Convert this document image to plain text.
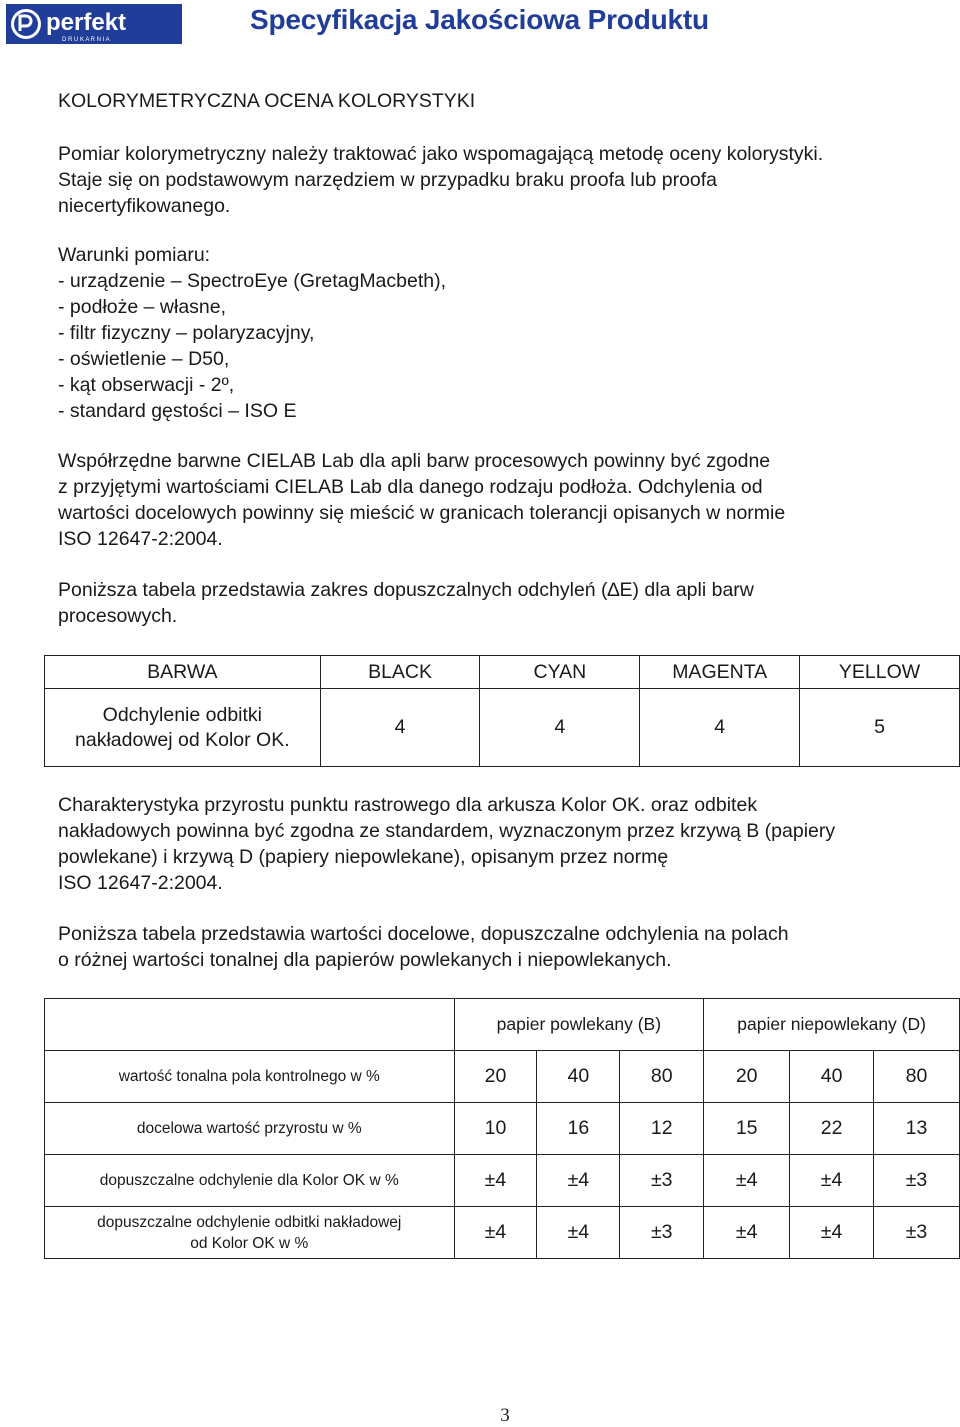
perfekt
D R U K A R N I A
Specyfikacja Jakościowa Produktu
KOLORYMETRYCZNA OCENA KOLORYSTYKI
Pomiar kolorymetryczny należy traktować jako wspomagającą metodę oceny kolorystyki.
Staje się on podstawowym narzędziem w przypadku braku proofa lub proofa
niecertyfikowanego.
Warunki pomiaru:
- urządzenie – SpectroEye (GretagMacbeth),
- podłoże – własne,
- filtr fizyczny – polaryzacyjny,
- oświetlenie – D50,
- kąt obserwacji - 2º,
- standard gęstości – ISO E
Współrzędne barwne CIELAB Lab dla apli barw procesowych powinny być zgodne
z przyjętymi wartościami CIELAB Lab dla danego rodzaju podłoża. Odchylenia od
wartości docelowych powinny się mieścić w granicach tolerancji opisanych w normie
ISO 12647-2:2004.
Poniższa tabela przedstawia zakres dopuszczalnych odchyleń (∆E) dla apli barw
procesowych.
BARWA	BLACK	CYAN	MAGENTA	YELLOW

Odchylenie odbitki
nakładowej od Kolor OK.	4	4	4	5
Charakterystyka przyrostu punktu rastrowego dla arkusza Kolor OK. oraz odbitek
nakładowych powinna być zgodna ze standardem, wyznaczonym przez krzywą B (papiery
powlekane) i krzywą D (papiery niepowlekane), opisanym przez normę
ISO 12647-2:2004.
Poniższa tabela przedstawia wartości docelowe, dopuszczalne odchylenia na polach
o różnej wartości tonalnej dla papierów powlekanych i niepowlekanych.
	papier powlekany (B)			papier niepowlekany (D)		
wartość tonalna pola kontrolnego w %	20	40	80	20	40	80
docelowa wartość przyrostu w %	10	16	12	15	22	13
dopuszczalne odchylenie dla Kolor OK w %	±4	±4	±3	±4	±4	±3

dopuszczalne odchylenie odbitki nakładowej
od Kolor OK w %	±4	±4	±3	±4	±4	±3
3
